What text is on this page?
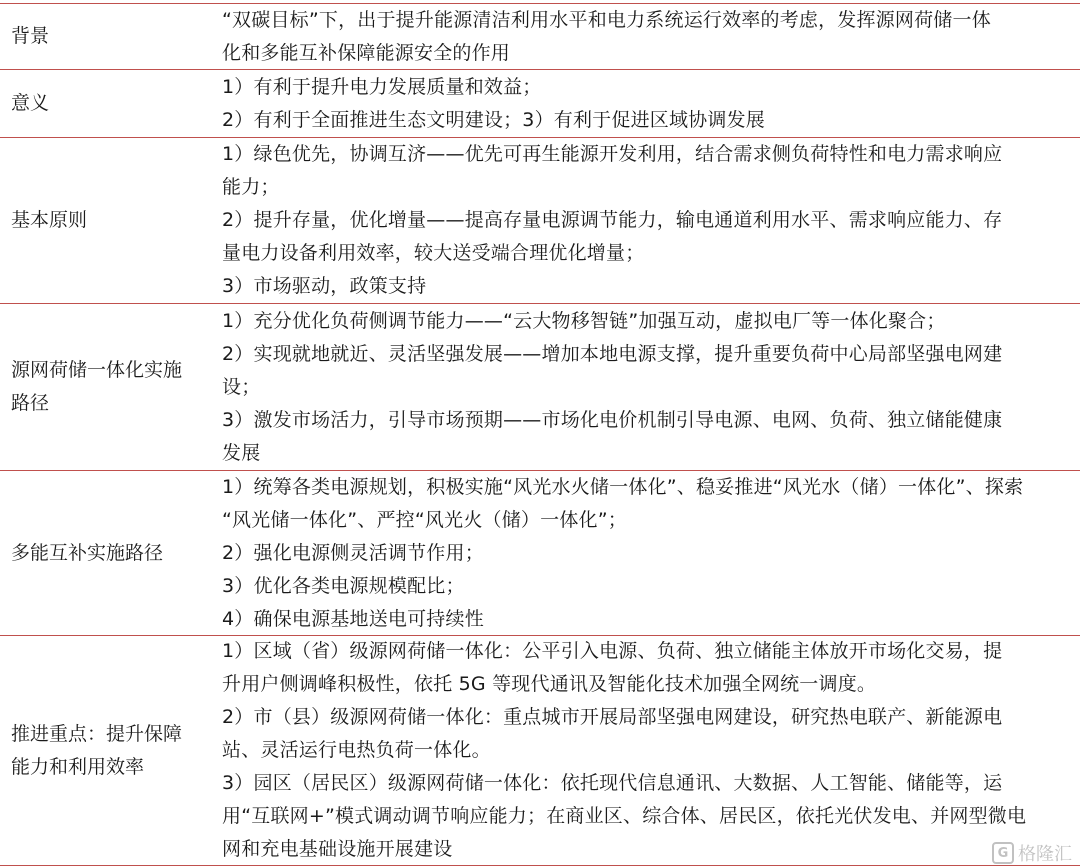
背景
“双碳目标”下，出于提升能源清洁利用水平和电力系统运行效率的考虑，发挥源网荷储一体
化和多能互补保障能源安全的作用
意义
1）有利于提升电力发展质量和效益；
2）有利于全面推进生态文明建设；3）有利于促进区域协调发展
基本原则
1）绿色优先，协调互济——优先可再生能源开发利用，结合需求侧负荷特性和电力需求响应
能力；
2）提升存量，优化增量——提高存量电源调节能力，输电通道利用水平、需求响应能力、存
量电力设备利用效率，较大送受端合理优化增量；
3）市场驱动，政策支持
源网荷储一体化实施
路径
1）充分优化负荷侧调节能力——“云大物移智链”加强互动，虚拟电厂等一体化聚合；
2）实现就地就近、灵活坚强发展——增加本地电源支撑，提升重要负荷中心局部坚强电网建
设；
3）激发市场活力，引导市场预期——市场化电价机制引导电源、电网、负荷、独立储能健康
发展
多能互补实施路径
1）统筹各类电源规划，积极实施“风光水火储一体化”、稳妥推进“风光水（储）一体化”、探索
“风光储一体化”、严控“风光火（储）一体化”；
2）强化电源侧灵活调节作用；
3）优化各类电源规模配比；
4）确保电源基地送电可持续性
推进重点：提升保障
能力和利用效率
1）区域（省）级源网荷储一体化：公平引入电源、负荷、独立储能主体放开市场化交易，提
升用户侧调峰积极性，依托 5G 等现代通讯及智能化技术加强全网统一调度。
2）市（县）级源网荷储一体化：重点城市开展局部坚强电网建设，研究热电联产、新能源电
站、灵活运行电热负荷一体化。
3）园区（居民区）级源网荷储一体化：依托现代信息通讯、大数据、人工智能、储能等，运
用“互联网+”模式调动调节响应能力；在商业区、综合体、居民区，依托光伏发电、并网型微电
网和充电基础设施开展建设	G 格隆汇
